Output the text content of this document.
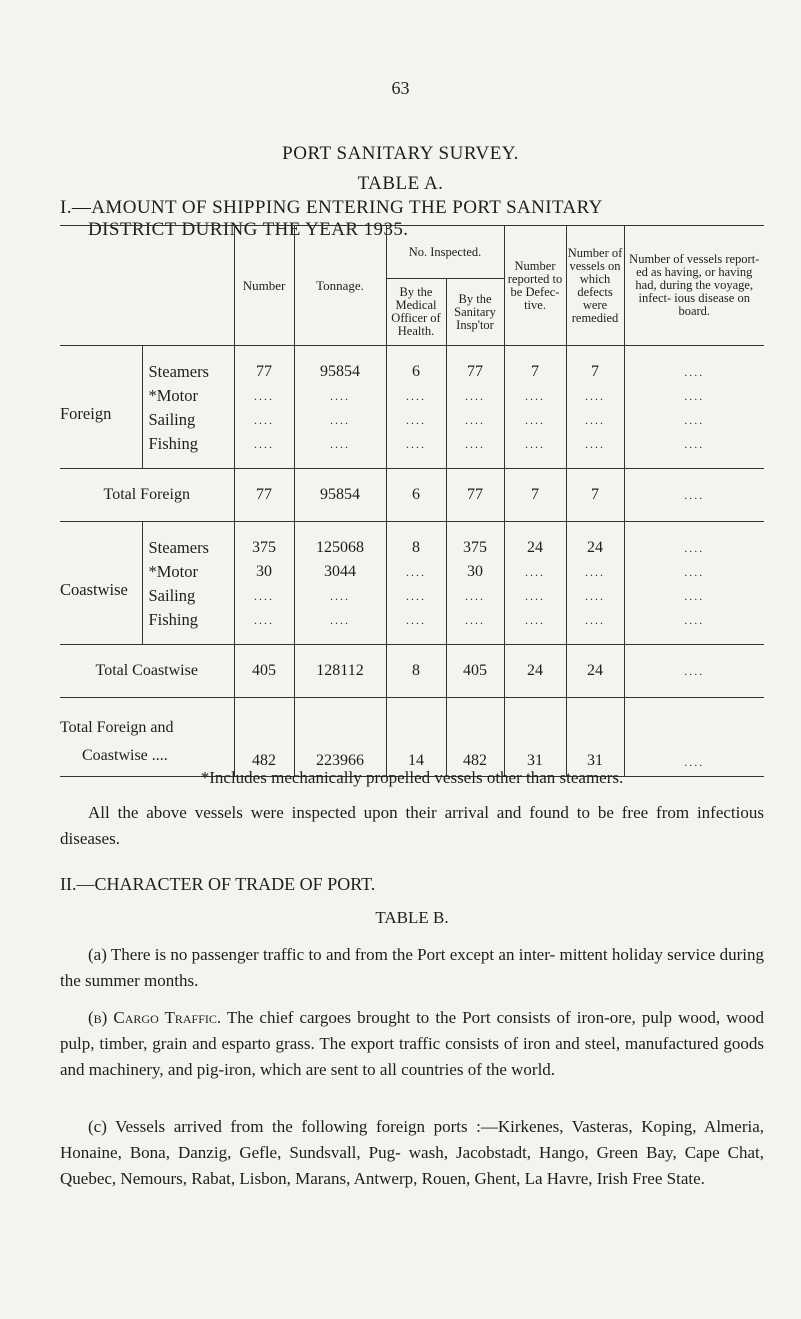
63
PORT SANITARY SURVEY.
TABLE A.
I.—AMOUNT OF SHIPPING ENTERING THE PORT SANITARY
DISTRICT DURING THE YEAR 1935.
		Number	Tonnage.	No. Inspected.		Number reported to be Defec- tive.	Number of vessels on which defects were remedied	Number of vessels report- ed as having, or having had, during the voyage, infect- ious disease on board.
				By the Medical Officer of Health.	By the Sanitary Insp'tor			
Foreign	Steamers	77	95854	6	77	7	7	....
	*Motor	....	....	....	....	....	....	....
	Sailing	....	....	....	....	....	....	....
	Fishing	....	....	....	....	....	....	....
Total Foreign		77	95854	6	77	7	7	....
Coastwise	Steamers	375	125068	8	375	24	24	....
	*Motor	30	3044	....	30	....	....	....
	Sailing	....	....	....	....	....	....	....
	Fishing	....	....	....	....	....	....	....
Total Coastwise		405	128112	8	405	24	24	....

Total Foreign and
Coastwise ....		482	223966	14	482	31	31	....
*Includes mechanically propelled vessels other than steamers.
All the above vessels were inspected upon their arrival and found to be free from infectious diseases.
II.—CHARACTER OF TRADE OF PORT.
TABLE B.
(a) There is no passenger traffic to and from the Port except an inter- mittent holiday service during the summer months.
(b) Cargo Traffic. The chief cargoes brought to the Port consists of iron-ore, pulp wood, wood pulp, timber, grain and esparto grass. The export traffic consists of iron and steel, manufactured goods and machinery, and pig-iron, which are sent to all countries of the world.
(c) Vessels arrived from the following foreign ports :—Kirkenes, Vasteras, Koping, Almeria, Honaine, Bona, Danzig, Gefle, Sundsvall, Pug- wash, Jacobstadt, Hango, Green Bay, Cape Chat, Quebec, Nemours, Rabat, Lisbon, Marans, Antwerp, Rouen, Ghent, La Havre, Irish Free State.
